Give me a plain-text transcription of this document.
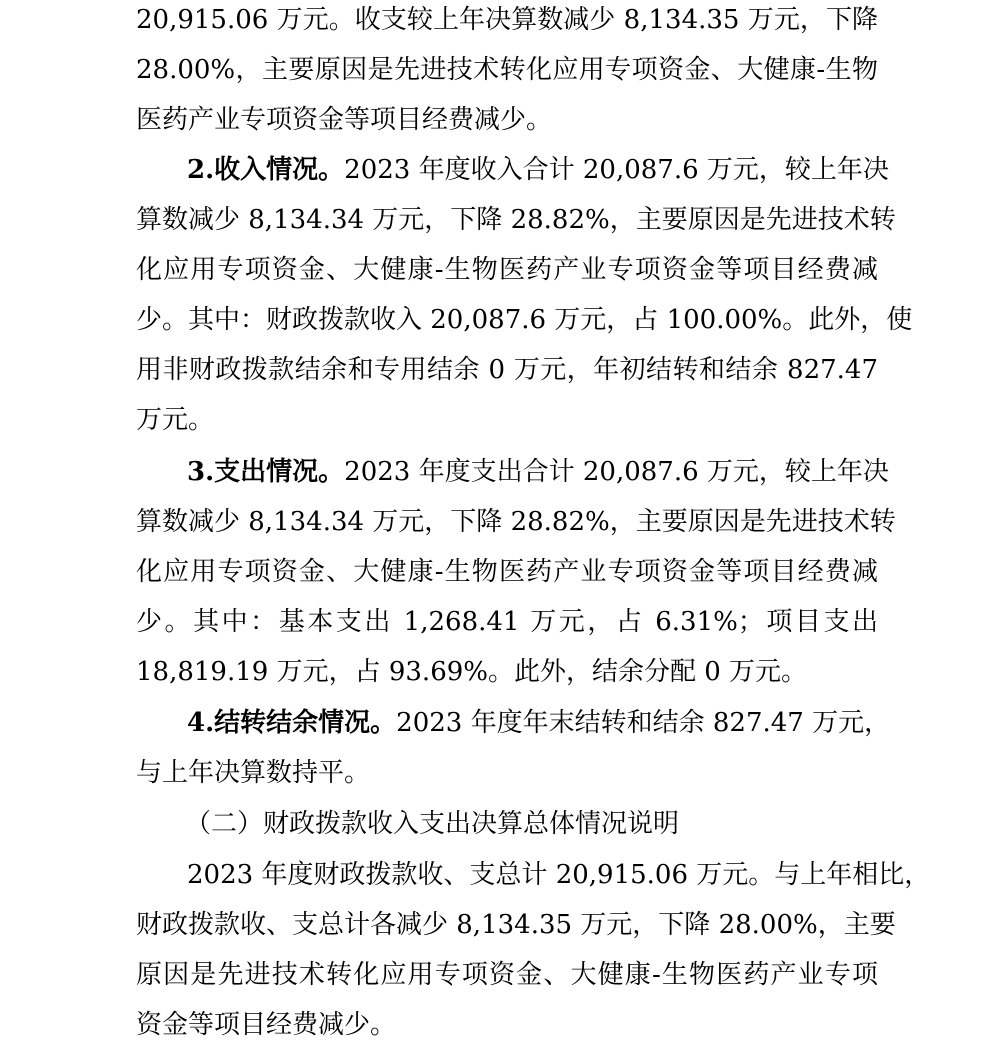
20,915.06 万元。收支较上年决算数减少 8,134.35 万元，下降
28.00%，主要原因是先进技术转化应用专项资金、大健康-生物
医药产业专项资金等项目经费减少。
2.收入情况。2023 年度收入合计 20,087.6 万元，较上年决
算数减少 8,134.34 万元，下降 28.82%，主要原因是先进技术转
化应用专项资金、大健康-生物医药产业专项资金等项目经费减
少。其中：财政拨款收入 20,087.6 万元，占 100.00%。此外，使
用非财政拨款结余和专用结余 0 万元，年初结转和结余 827.47
万元。
3.支出情况。2023 年度支出合计 20,087.6 万元，较上年决
算数减少 8,134.34 万元，下降 28.82%，主要原因是先进技术转
化应用专项资金、大健康-生物医药产业专项资金等项目经费减
少。其中：基本支出 1,268.41 万元，占 6.31%；项目支出
18,819.19 万元，占 93.69%。此外，结余分配 0 万元。
4.结转结余情况。2023 年度年末结转和结余 827.47 万元，
与上年决算数持平。
（二）财政拨款收入支出决算总体情况说明
2023 年度财政拨款收、支总计 20,915.06 万元。与上年相比，
财政拨款收、支总计各减少 8,134.35 万元，下降 28.00%，主要
原因是先进技术转化应用专项资金、大健康-生物医药产业专项
资金等项目经费减少。
